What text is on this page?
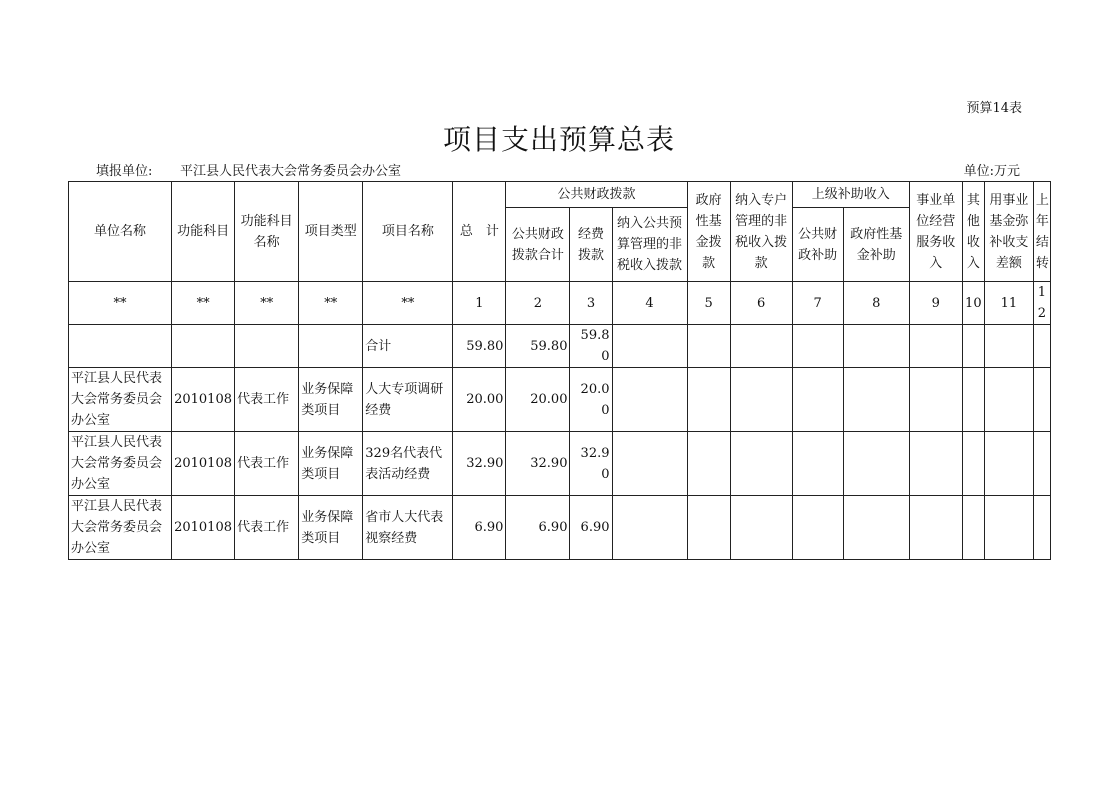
预算14表
项目支出预算总表
填报单位: 平江县人民代表大会常务委员会办公室	单位:万元
单位名称	功能科目	功能科目名称	项目类型	项目名称	总　计	公共财政拨款			政府性基金拨款	纳入专户管理的非税收入拨款	上级补助收入		事业单位经营服务收入	其他收入	用事业基金弥补收支差额	上年结转
						公共财政拨款合计	经费拨款	纳入公共预算管理的非税收入拨款			公共财政补助	政府性基金补助				
**	**	**	**	**	1	2	3	4	5	6	7	8	9	10	11	12
				合计	59.80	59.80	59.80									
平江县人民代表大会常务委员会办公室	2010108	代表工作	业务保障类项目	人大专项调研经费	20.00	20.00	20.00									
平江县人民代表大会常务委员会办公室	2010108	代表工作	业务保障类项目	329名代表代表活动经费	32.90	32.90	32.90									
平江县人民代表大会常务委员会办公室	2010108	代表工作	业务保障类项目	省市人大代表视察经费	6.90	6.90	6.90									
